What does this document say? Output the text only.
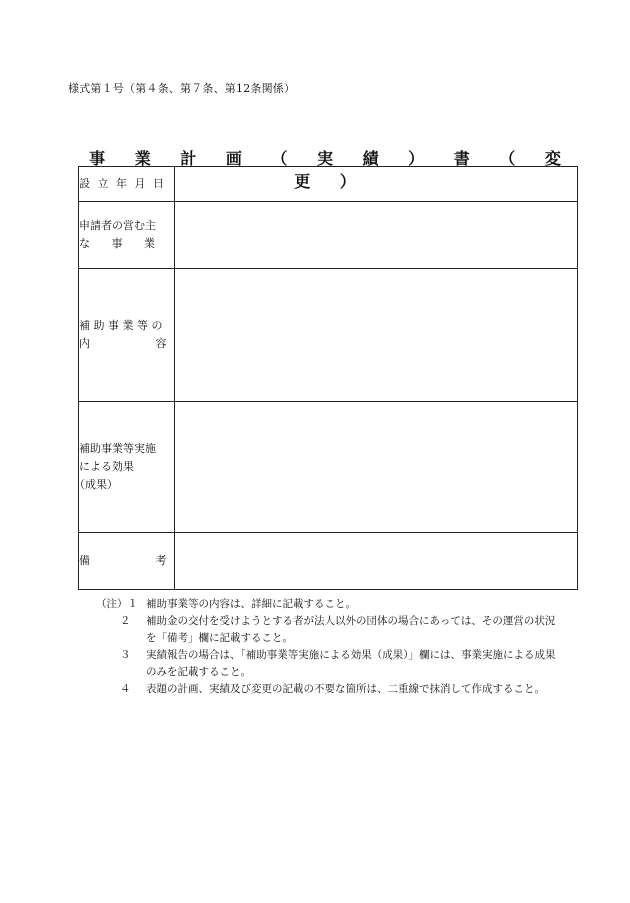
様式第１号（第４条、第７条、第12条関係）
事 業 計 画 （ 実 績 ） 書 （ 変 更 ）
設 立 年 月 日	

申請者の営む主
な 事 業	

補 助 事 業 等 の
内 容	

補助事業等実施
による効果
（成果）	

備 考	

（注）１ 補助事業等の内容は、詳細に記載すること。
２	補助金の交付を受けようとする者が法人以外の団体の場合にあっては、その運営の状況を「備考」欄に記載すること。
３	実績報告の場合は、「補助事業等実施による効果（成果）」欄には、事業実施による成果のみを記載すること。
４	表題の計画、実績及び変更の記載の不要な箇所は、二重線で抹消して作成すること。
